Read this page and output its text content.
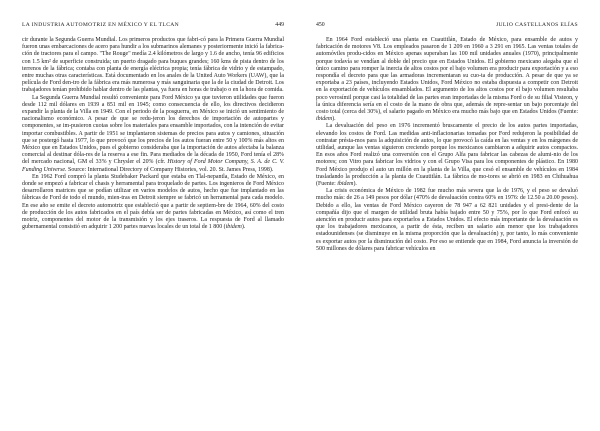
LA INDUSTRIA AUTOMOTRIZ EN MÉXICO Y EL TLCAN	449

cir durante la Segunda Guerra Mundial. Los primeros productos que fabri-có para la Primera Guerra Mundial fueron unas embarcaciones de acero para hundir a los submarinos alemanes y posteriormente inició la fabrica-ción de tractores para el campo. "The Rouge" medía 2.4 kilómetros de largo y 1.6 de ancho, tenía 96 edificios con 1.5 km² de superficie construida; un puerto dragado para buques grandes; 160 kms de pista dentro de los terrenos de la fábrica; contaba con planta de energía eléctrica propia; tenía fábrica de vidrio y de estampado, entre muchas otras características. Está documentado en los anales de la United Auto Workers (UAW), que la película de Ford den-tro de la fábrica era más numerosa y más sanguinaria que la de la ciudad de Detroit. Los trabajadores tenían prohibido hablar dentro de las plantas, ya fuera en horas de trabajo o en la hora de comida.

La Segunda Guerra Mundial resultó conveniente para Ford México ya que tuvieron utilidades que fueron desde 112 mil dólares en 1939 a 851 mil en 1945; como consecuencia de ello, los directivos decidieron expandir la planta de la Villa en 1949. Con el periodo de la posguerra, en México se inició un sentimiento de nacionalismo económico. A pesar de que se redu-jeron los derechos de importación de autopartes y componentes, se im-pusieron cuotas sobre los materiales para ensamble importados, con la intención de evitar importar combustibles. A partir de 1951 se implantaron sistemas de precios para autos y camiones, situación que se postergó hasta 1977, lo que provocó que los precios de los autos fueran entre 50 y 100% más altos en México que en Estados Unidos, pues el gobierno consideraba que la importación de autos afectaba la balanza comercial al destinar dóla-res de la reserva a ese fin. Para mediados de la década de 1950, Ford tenía el 28% del mercado nacional, GM el 33% y Chrysler el 20% (cfr. History of Ford Motor Company, S. A. de C. V. Funding Universe. Source: International Directory of Company Histories, vol. 20. St. James Press, 1998).

En 1962 Ford compró la planta Studebaker Packard que estaba en Tlal-nepantla, Estado de México, en donde se empezó a fabricar el chasis y herramental para troquelado de partes. Los ingenieros de Ford México desarrollaron matrices que se podían utilizar en varios modelos de autos, hecho que fue implantado en las fábricas de Ford de todo el mundo, mien-tras en Detroit siempre se fabricó un herramental para cada modelo. En ese año se emite el decreto automotriz que estableció que a partir de septiem-bre de 1964, 60% del costo de producción de los autos fabricados en el país debía ser de partes fabricadas en México, así como el tren motriz, componentes del motor de la transmisión y los ejes traseros. La respuesta de Ford al llamado gubernamental consistió en adquirir 1 200 partes nuevas locales de un total de 1 800 (ibidem).

450	JULIO CASTELLANOS ELÍAS

En 1964 Ford estableció una planta en Cuautitlán, Estado de México, para ensamble de autos y fabricación de motores V8. Los empleados pasaron de 1 209 en 1960 a 3 291 en 1965. Las ventas totales de automóviles produ-cidos en México apenas superaban las 100 mil unidades anuales (1970), principalmente porque todavía se vendían al doble del precio que en Estados Unidos. El gobierno mexicano alegaba que el único camino para romper la inercia de altos costos por el bajo volumen era producir para exportación y a eso respondía el decreto para que las armadoras incrementaran su cuo-ta de producción. A pesar de que ya se exportaba a 23 países, incluyendo Estados Unidos, Ford México no estaba dispuesta a competir con Detroit en la exportación de vehículos ensamblados. El argumento de los altos costos por el bajo volumen resultaba poco verosímil porque casi la totalidad de las partes eran importadas de la misma Ford o de su filial Visteon, y la única diferencia sería en el costo de la mano de obra que, además de repre-sentar un bajo porcentaje del costo total (cerca del 30%), el salario pagado en México era mucho más bajo que en Estados Unidos (Fuente: ibidem).

La devaluación del peso en 1976 incrementó bruscamente el precio de los autos partes importadas, elevando los costos de Ford. Las medidas anti-inflacionarias tomadas por Ford redujeron la posibilidad de contratar présta-mos para la adquisición de autos, lo que provocó la caída en las ventas y en los márgenes de utilidad, aunque las ventas siguieron creciendo porque los mexicanos cambiaron a adquirir autos compactos. En esos años Ford realizó una conversión con el Grupo Alfa para fabricar las cabezas de alumi-nio de los motores; con Vitro para fabricar los vidrios y con el Grupo Visa para los componentes de plástico. En 1980 Ford México produjo el auto un millón en la planta de la Villa, que cesó el ensamble de vehículos en 1984 trasladando la producción a la planta de Cuautitlán. La fábrica de mo-tores se abrió en 1983 en Chihuahua (Fuente: ibidem).

La crisis económica de México de 1982 fue mucho más severa que la de 1976, y el peso se devaluó mucho más: de 26 a 149 pesos por dólar (470% de devaluación contra 60% en 1976: de 12.50 a 20.00 pesos). Debido a ello, las ventas de Ford México cayeron de 78 947 a 62 821 unidades y el presi-dente de la compañía dijo que el margen de utilidad bruta había bajado entre 50 y 75%, por lo que Ford enfocó su atención en producir autos para exportarlos a Estados Unidos. El efecto más importante de la devaluación es que los trabajadores mexicanos, a partir de ésta, reciben un salario aún menor que los trabajadores estadounidenses (se disminuye en la misma proporción que la devaluación) y, por tanto, lo más conveniente es exportar autos por la disminución del costo. Por eso se entiende que en 1984, Ford anuncia la inversión de 500 millones de dólares para fabricar vehículos en
